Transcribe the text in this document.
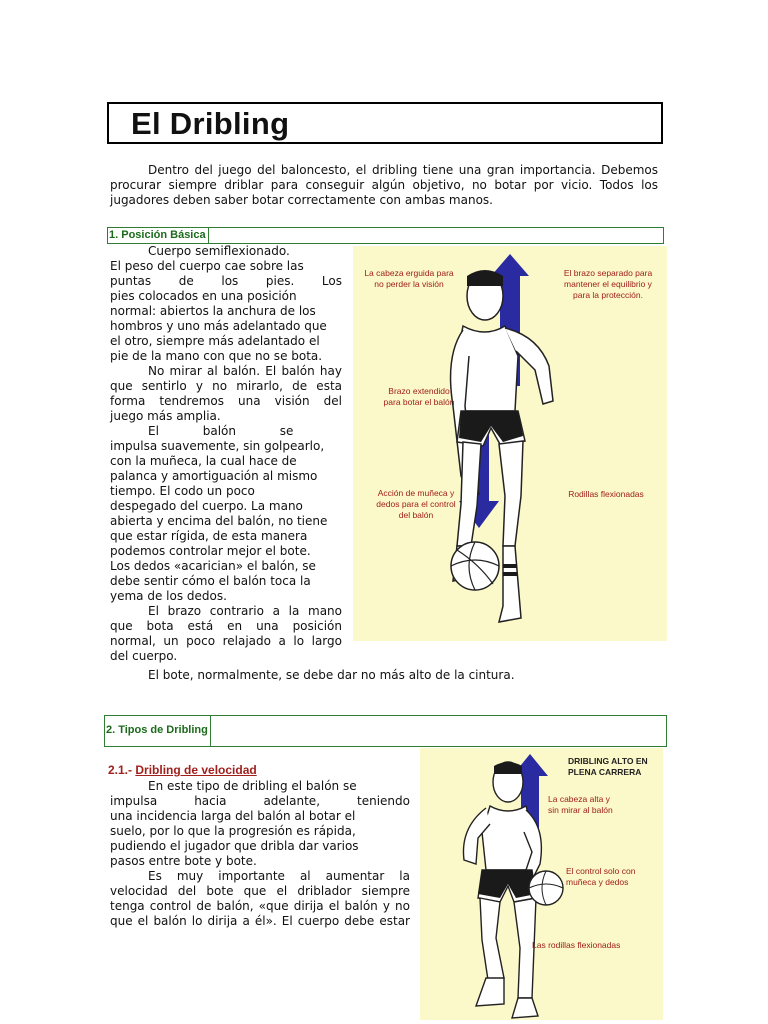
El Dribling
Dentro del juego del baloncesto, el dribling tiene una gran importancia. Debemos procurar siempre driblar para conseguir algún objetivo, no botar por vicio. Todos los jugadores deben saber botar correctamente con ambas manos.
1. Posición Básica
Cuerpo semiflexionado.
El peso del cuerpo cae sobre las
puntas de los pies. Los
pies colocados en una posición
normal: abiertos la anchura de los
hombros y uno más adelantado que
el otro, siempre más adelantado el
pie de la mano con que no se bota.
No mirar al balón. El balón hay
que sentirlo y no mirarlo, de esta
forma tendremos una visión del
juego más amplia.
El balón se
impulsa suavemente, sin golpearlo,
con la muñeca, la cual hace de
palanca y amortiguación al mismo
tiempo. El codo un poco
despegado del cuerpo. La mano
abierta y encima del balón, no tiene
que estar rígida, de esta manera
podemos controlar mejor el bote.
Los dedos «acarician» el balón, se
debe sentir cómo el balón toca la
yema de los dedos.
El brazo contrario a la mano
que bota está en una posición
normal, un poco relajado a lo largo
del cuerpo.
El bote, normalmente, se debe dar no más alto de la cintura.
La cabeza erguida para no perder la visión
El brazo separado para mantener el equilibrio y para la protección.
Brazo extendido para botar el balón
Acción de muñeca y dedos para el control del balón
Rodillas flexionadas
2. Tipos de Dribling
2.1.- Dribling de velocidad
En este tipo de dribling el balón se
impulsa hacia adelante, teniendo
una incidencia larga del balón al botar el
suelo, por lo que la progresión es rápida,
pudiendo el jugador que dribla dar varios
pasos entre bote y bote.
Es muy importante al aumentar la
velocidad del bote que el driblador siempre
tenga control de balón, «que dirija el balón y no
que el balón lo dirija a él». El cuerpo debe estar
DRIBLING ALTO EN PLENA CARRERA
La cabeza alta y sin mirar al balón
El control solo con muñeca y dedos
Las rodillas flexionadas
